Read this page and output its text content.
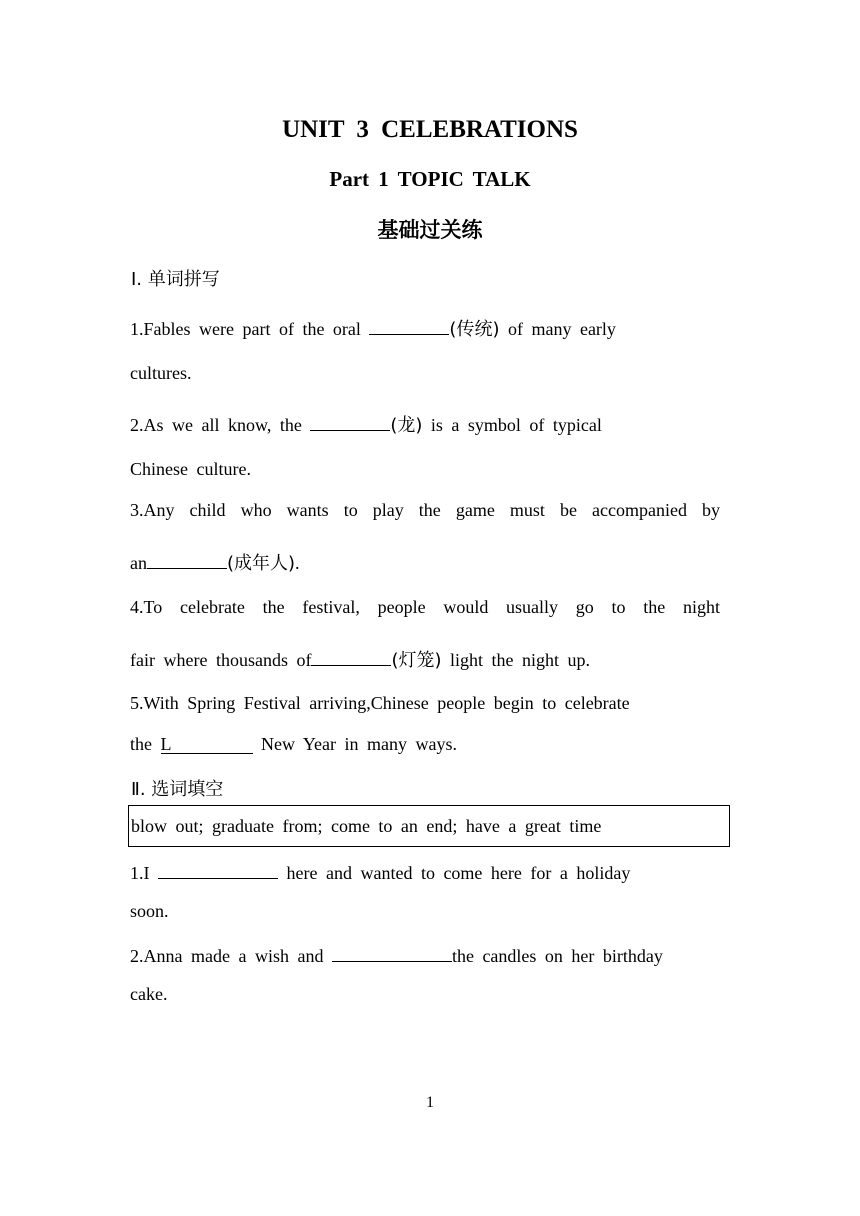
UNIT 3 CELEBRATIONS
Part 1 TOPIC TALK
基础过关练
Ⅰ. 单词拼写
1.Fables were part of the oral	(传统) of many early
cultures.
2.As we all know, the	(龙) is a symbol of typical
Chinese culture.
3.Any child who wants to play the game must be accompanied by
an	(成年人).
4.To celebrate the festival, people would usually go to the night
fair where thousands of	(灯笼) light the night up.
5.With Spring Festival arriving,Chinese people begin to celebrate
the L	New Year in many ways.
Ⅱ. 选词填空
blow out; graduate from; come to an end; have a great time
1.I	here and wanted to come here for a holiday
soon.
2.Anna made a wish and	the candles on her birthday
cake.
1
